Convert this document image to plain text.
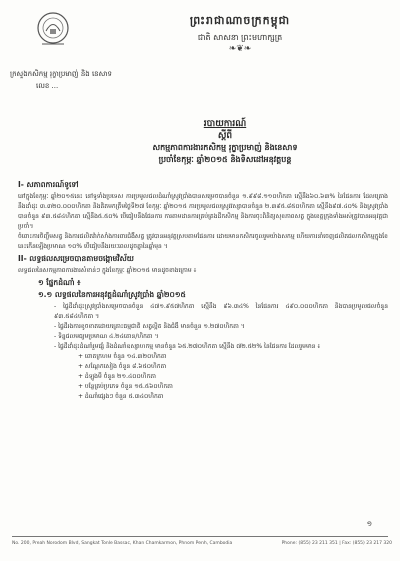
ព្រះរាជាណាចក្រកម្ពុជា
ជាតិ សាសនា ព្រះមហាក្សត្រ
❧❦❧
ក្រសួងកសិកម្ម រុក្ខាប្រមាញ់ និង នេសាទ
លេខ ...
របាយការណ៍
ស្តីពី
សកម្មភាពការងារកសិកម្ម រុក្ខាប្រមាញ់ និងនេសាទ
ប្រចាំខែកុម្ភៈ ឆ្នាំ២០១៥ និងទិសដៅអនុវត្តបន្ត
I- សភាពការណ៍ទូទៅ
នៅក្នុងខែកុម្ភៈ ឆ្នាំ២០១៥នេះ នៅទូទាំងប្រទេស ការប្រមូលផលដំណាំស្រូវប្រាំងបានសម្រេចបានចំនួន ១.៩៩៨.១១០ហិកតា ស្មើនឹង៦០.៦៣% នៃផែនការ ដែលគ្រោងនឹងដាំដុះ ៣.៣២០.០០០ហិកតា និងគិតមកត្រឹមថ្ងៃទី២៧ ខែកុម្ភៈ ឆ្នាំ២០១៥ ការប្រមូលផលស្រូវវស្សាបានចំនួន ២.៣៩៥.៨៥០ហិកតា ស្មើនឹង៩៧.៤០% និងស្រូវប្រាំងបានចំនួន ៩៣.៥៨៤ហិកតា ស្មើនឹង៥.៥០% បើធៀបនឹងផែនការ ការតាមដានការគ្រប់គ្រងដីកសិកម្ម និងការចុះពិនិត្យសុខភាពសត្វ ក្នុងខេត្តក្រុងទាំងអស់ត្រូវបានអនុវត្តជាប្រចាំ។
ចំពោះការចិញ្ចឹមសត្វ និងការផលិតវ៉ាក់សាំងការពារជំងឺសត្វ ត្រូវបានអនុវត្តស្របតាមផែនការ ដោយមានកសិករចូលរួមយ៉ាងសកម្ម ហើយការនាំចេញផលិតផលកសិកម្មក្នុងខែនេះកើនឡើងប្រមាណ ១០% បើធៀបនឹងរយៈពេលដូចគ្នានៃឆ្នាំមុន ។
II- លទ្ធផលសម្រេចបានតាមចង្កោមវិស័យ
លទ្ធផលនៃសកម្មភាពការងារសំខាន់ៗ ក្នុងខែកុម្ភៈ ឆ្នាំ២០១៥ មានដូចខាងក្រោម ៖
១ ផ្នែកដំណាំ ៖
១.១ លទ្ធផលនៃការអនុវត្តដំណាំស្រូវប្រាំង ឆ្នាំ២០១៥
- ផ្ទៃដីដាំដុះស្រូវប្រាំងសម្រេចបានចំនួន ៤៧១.៩៥៧ហិកតា ស្មើនឹង ៩៦.៣៤% នៃផែនការ ៤៩០.០០០ហិកតា និងបានប្រមូលផលចំនួន ៩៣.៥៨៤ហិកតា ។
- ផ្ទៃដីរងការខូចខាតដោយគ្រោះធម្មជាតិ សត្វល្អិត និងជំងឺ មានចំនួន ១.២៧០ហិកតា ។
- ទិន្នផលមធ្យមប្រមាណ ៤.២៤តោន/ហិកតា ។
- ផ្ទៃដីដាំដុះដំណាំរួមផ្សំ និងដំណាំឧស្សាហកម្ម មានចំនួន ៦៥.២៧០ហិកតា ស្មើនឹង ៧២.៥២% នៃផែនការ ដែលរួមមាន ៖
+ ពោតក្រហម ចំនួន ១៤.៣២០ហិកតា
+ សណ្តែកសៀង ចំនួន ៨.៦៥០ហិកតា
+ ដំឡូងមី ចំនួន ២១.៤០០ហិកតា
+ បន្លែគ្រប់ប្រភេទ ចំនួន ១៥.៥៦០ហិកតា
+ ដំណាំផ្សេងៗ ចំនួន ៥.៣៤០ហិកតា
១
No. 200, Preah Norodom Blvd, Sangkat Tonle Bassac, Khan Chamkarmon, Phnom Penh, Cambodia	Phone: (855) 23 211 351 | Fax: (855) 23 217 320
